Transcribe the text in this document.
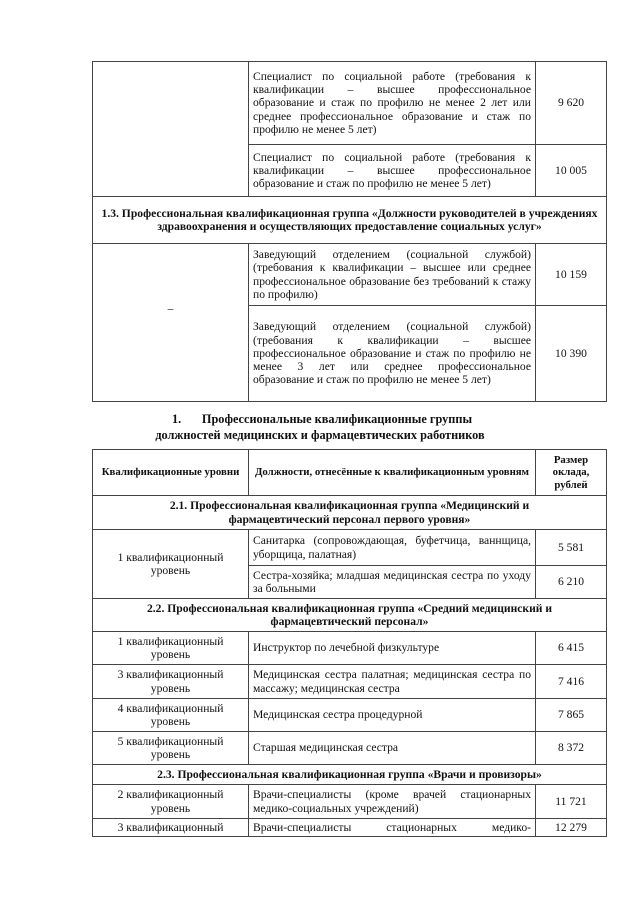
	Специалист по социальной работе (требования к квалификации – высшее профессиональное образование и стаж по профилю не менее 2 лет или среднее профессиональное образование и стаж по профилю не менее 5 лет)	9 620
	Специалист по социальной работе (требования к квалификации – высшее профессиональное образование и стаж по профилю не менее 5 лет)	10 005
1.3. Профессиональная квалификационная группа «Должности руководителей в учреждениях здравоохранения и осуществляющих предоставление социальных услуг»		
–	Заведующий отделением (социальной службой) (требования к квалификации – высшее или среднее профессиональное образование без требований к стажу по профилю)	10 159
	Заведующий отделением (социальной службой) (требования к квалификации – высшее профессиональное образование и стаж по профилю не менее 3 лет или среднее профессиональное образование и стаж по профилю не менее 5 лет)	10 390
1. Профессиональные квалификационные группы
должностей медицинских и фармацевтических работников
Квалификационные уровни	Должности, отнесённые к квалификационным уровням	Размер оклада, рублей
2.1. Профессиональная квалификационная группа «Медицинский и фармацевтический персонал первого уровня»		
1 квалификационный уровень	Санитарка (сопровождающая, буфетчица, ваннщица, уборщица, палатная)	5 581
	Сестра-хозяйка; младшая медицинская сестра по уходу за больными	6 210
2.2. Профессиональная квалификационная группа «Средний медицинский и фармацевтический персонал»		
1 квалификационный уровень	Инструктор по лечебной физкультуре	6 415
3 квалификационный уровень	Медицинская сестра палатная; медицинская сестра по массажу; медицинская сестра	7 416
4 квалификационный уровень	Медицинская сестра процедурной	7 865
5 квалификационный уровень	Старшая медицинская сестра	8 372
2.3. Профессиональная квалификационная группа «Врачи и провизоры»		
2 квалификационный уровень	Врачи-специалисты (кроме врачей стационарных медико-социальных учреждений)	11 721
3 квалификационный	Врачи-специалисты стационарных медико-	12 279
